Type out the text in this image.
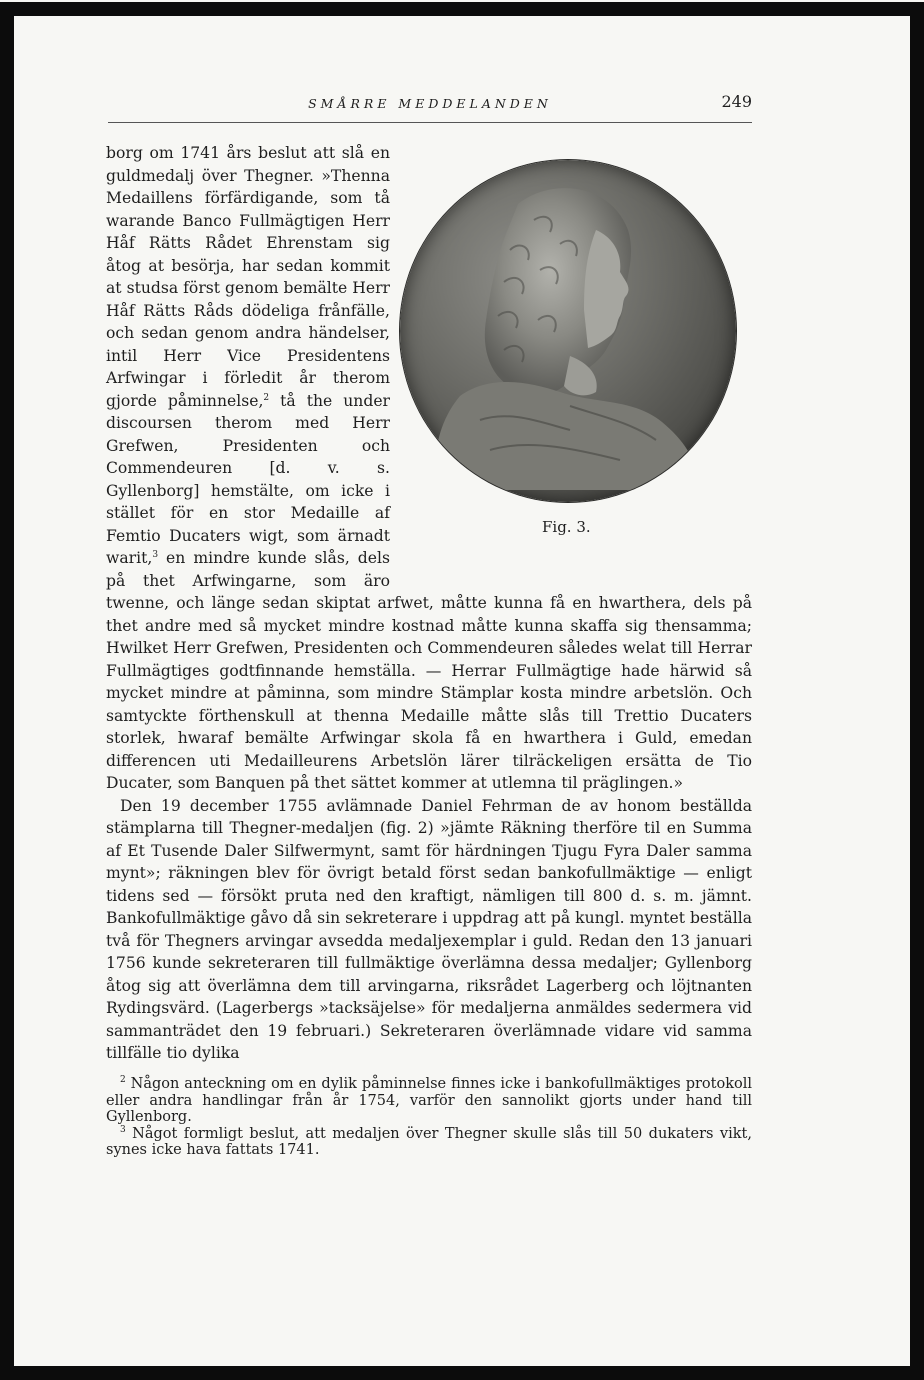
SMÅRRE MEDDELANDEN	249
Fig. 3.

borg om 1741 års beslut att slå en guldmedalj över Thegner. »Thenna Medaillens förfärdigande, som tå warande Banco Fullmägtigen Herr Håf Rätts Rådet Ehrenstam sig åtog at besörja, har sedan kommit at studsa först genom bemälte Herr Håf Rätts Råds dödeliga frånfälle, och sedan genom andra händelser, intil Herr Vice Presidentens Arfwingar i förledit år therom gjorde påminnelse,$^2$ tå the under discoursen therom med Herr Grefwen, Presidenten och Commendeuren [d. v. s. Gyllenborg] hemstälte, om icke i stället för en stor Medaille af Femtio Ducaters wigt, som ärnadt warit,$^3$ en mindre kunde slås, dels på thet Arfwingarne, som äro twenne, och länge sedan skiptat arfwet, måtte kunna få en hwarthera, dels på thet andre med så mycket mindre kostnad måtte kunna skaffa sig thensamma; Hwilket Herr Grefwen, Presidenten och Commendeuren således welat till Herrar Fullmägtiges godtfinnande hemställa. — Herrar Fullmägtige hade härwid så mycket mindre at påminna, som mindre Stämplar kosta mindre arbetslön. Och samtyckte förthenskull at thenna Medaille måtte slås till Trettio Ducaters storlek, hwaraf bemälte Arfwingar skola få en hwarthera i Guld, emedan differencen uti Medailleurens Arbetslön lärer tilräckeligen ersätta de Tio Ducater, som Banquen på thet sättet kommer at utlemna til präglingen.»

Den 19 december 1755 avlämnade Daniel Fehrman de av honom beställda stämplarna till Thegner-medaljen (fig. 2) »jämte Räkning therföre til en Summa af Et Tusende Daler Silfwermynt, samt för härdningen Tjugu Fyra Daler samma mynt»; räkningen blev för övrigt betald först sedan bankofullmäktige — enligt tidens sed — försökt pruta ned den kraftigt, nämligen till 800 d. s. m. jämnt. Bankofullmäktige gåvo då sin sekreterare i uppdrag att på kungl. myntet beställa två för Thegners arvingar avsedda medaljexemplar i guld. Redan den 13 januari 1756 kunde sekreteraren till fullmäktige överlämna dessa medaljer; Gyllenborg åtog sig att överlämna dem till arvingarna, riksrådet Lagerberg och löjtnanten Rydingsvärd. (Lagerbergs »tacksäjelse» för medaljerna anmäldes sedermera vid sammanträdet den 19 februari.) Sekreteraren överlämnade vidare vid samma tillfälle tio dylika

$^2$ Någon anteckning om en dylik påminnelse finnes icke i bankofullmäktiges protokoll eller andra handlingar från år 1754, varför den sannolikt gjorts under hand till Gyllenborg.

$^3$ Något formligt beslut, att medaljen över Thegner skulle slås till 50 dukaters vikt, synes icke hava fattats 1741.
